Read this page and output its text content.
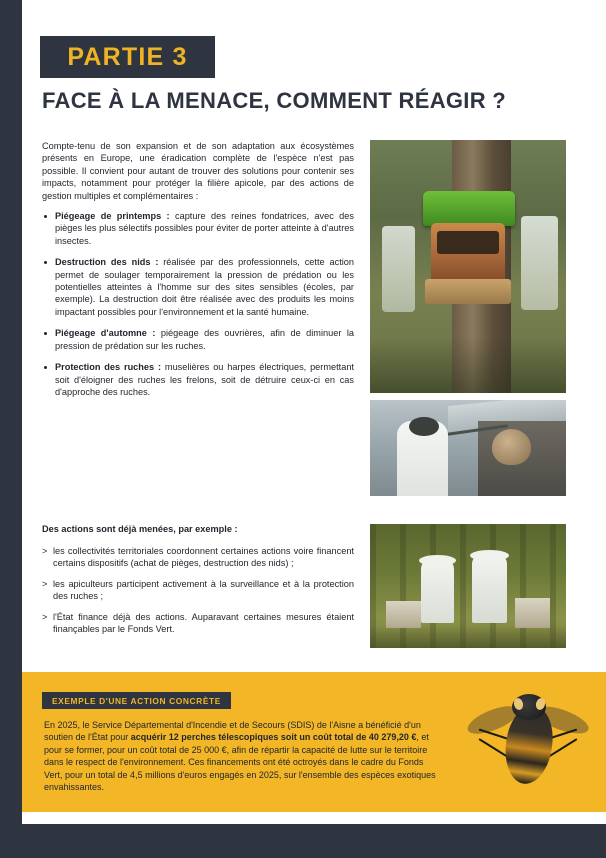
PARTIE 3
FACE À LA MENACE, COMMENT RÉAGIR ?

Compte-tenu de son expansion et de son adaptation aux écosystèmes présents en Europe, une éradication complète de l'espèce n'est pas possible. Il convient pour autant de trouver des solutions pour contenir ses impacts, notamment pour protéger la filière apicole, par des actions de gestion multiples et complémentaires :

Piégeage de printemps : capture des reines fondatrices, avec des pièges les plus sélectifs possibles pour éviter de porter atteinte à d'autres insectes.
Destruction des nids : réalisée par des professionnels, cette action permet de soulager temporairement la pression de prédation ou les potentielles atteintes à l'homme sur des sites sensibles (écoles, par exemple). La destruction doit être réalisée avec des produits les moins impactant possibles pour l'environnement et la santé humaine.
Piégeage d'automne : piégeage des ouvrières, afin de diminuer la pression de prédation sur les ruches.
Protection des ruches : muselières ou harpes électriques, permettant soit d'éloigner des ruches les frelons, soit de détruire ceux-ci en cas d'approche des ruches.
Des actions sont déjà menées, par exemple :
> les collectivités territoriales coordonnent certaines actions voire financent certains dispositifs (achat de pièges, destruction des nids) ;
> les apiculteurs participent activement à la surveillance et à la protection des ruches ;
> l'État finance déjà des actions. Auparavant certaines mesures étaient finançables par le Fonds Vert.
EXEMPLE D'UNE ACTION CONCRÈTE
En 2025, le Service Départemental d'Incendie et de Secours (SDIS) de l'Aisne a bénéficié d'un soutien de l'État pour acquérir 12 perches télescopiques soit un coût total de 40 279,20 €, et pour se former, pour un coût total de 25 000 €, afin de répartir la capacité de lutte sur le territoire dans le respect de l'environnement. Ces financements ont été octroyés dans le cadre du Fonds Vert, pour un total de 4,5 millions d'euros engagés en 2025, sur l'ensemble des espèces exotiques envahissantes.
